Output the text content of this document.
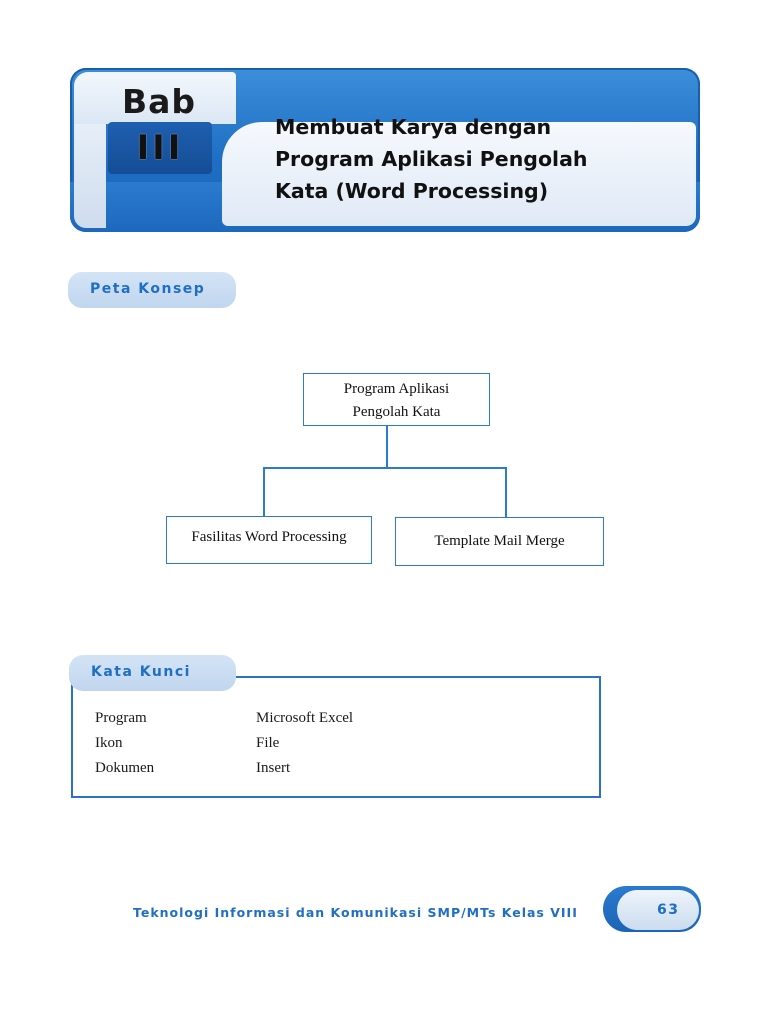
Bab
III
Membuat Karya dengan
Program Aplikasi Pengolah
Kata (Word Processing)
Peta Konsep
Program Aplikasi
Pengolah Kata
Fasilitas Word Processing	Template Mail Merge
Program
Ikon
Dokumen
Microsoft Excel
File
Insert
Kata Kunci
Teknologi Informasi dan Komunikasi SMP/MTs Kelas VIII	63
